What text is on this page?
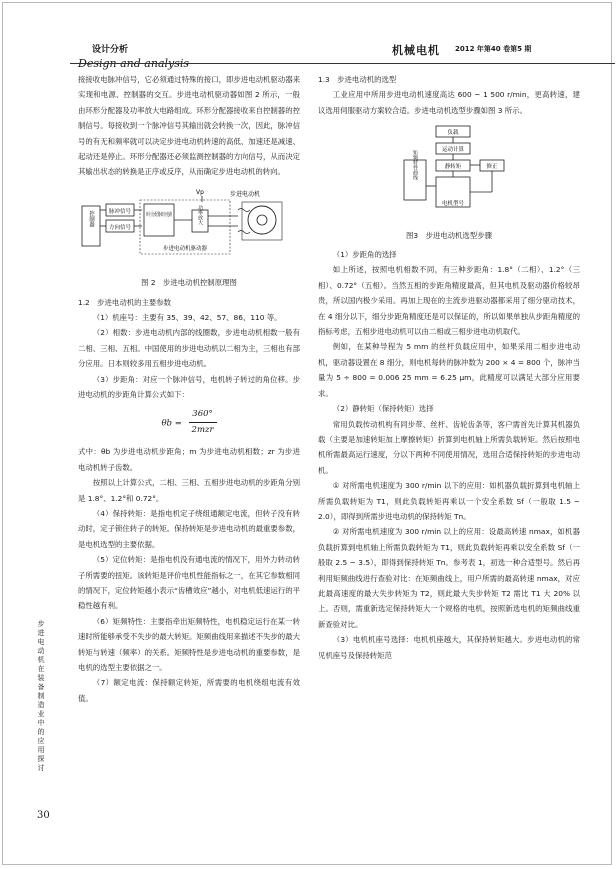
设计分析
Design and analysis
机械电机 2012 年第40 卷第5 期
步进电动机在装备制造业中的应用探讨
30

接接收电脉冲信号，它必须通过特殊的接口，即步进电动机驱动器来实现和电源、控制器的交互。步进电动机驱动器如图 2 所示，一般由环形分配器及功率放大电路组成。环形分配器接收来自控制器的控制信号。每接收到一个脉冲信号其输出就会转换一次，因此，脉冲信号的有无和频率就可以决定步进电动机转速的高低、加速还是减速、起动还是停止。环形分配器还必须监测控制器的方向信号，从而决定其输出状态的转换是正序或反序，从而确定步进电动机的转向。

Vp	步进电动机
控制器	脉冲信号
方向信号
环行分配器细分电路 功率放大
步进电动机驱动器
图 2　步进电动机控制原理图

1.2　步进电动机的主要参数

（1）机座号：主要有 35、39、42、57、86、110 等。

（2）相数：步进电动机内部的线圈数，步进电动机相数一般有二相、三相、五相。中国使用的步进电动机以二相为主，三相也有部分应用。日本则较多用五相步进电动机。

（3）步距角：对应一个脉冲信号，电机转子转过的角位移。步进电动机的步距角计算公式如下：

$\theta b = \frac{360^\circ}{\text{2mzr}}$

式中：θb 为步进电动机步距角；m 为步进电动机相数；zr 为步进电动机转子齿数。

按照以上计算公式，二相、三相、五相步进电动机的步距角分别是 1.8°、1.2°和 0.72°。

（4）保持转矩：是指电机定子绕组通额定电流，但转子没有转动时，定子锁住转子的转矩。保持转矩是步进电动机的最重要参数，是电机选型的主要依据。

（5）定位转矩：是指电机没有通电流的情况下，用外力转动转子所需要的扭矩。该转矩是评价电机性能指标之一，在其它参数相同的情况下，定位转矩越小表示“齿槽效应”越小，对电机低速运行的平稳性越有利。

（6）矩频特性：主要指牵出矩频特性，电机稳定运行在某一转速时所能够承受不失步的最大转矩。矩频曲线用来描述不失步的最大转矩与转速（频率）的关系。矩频特性是步进电动机的重要参数，是电机的选型主要依据之一。

（7）额定电流：保持额定转矩，所需要的电机绕组电流有效值。

1.3　步进电动机的选型

工业应用中所用步进电动机速度高达 600 ~ 1 500 r/min，更高转速，建议选用伺服驱动方案较合适。步进电动机选型步骤如图 3 所示。

负载
运动计算
静转矩	修正
矩频特性曲线
电机型号
图3　步进电动机选型步骤

（1）步距角的选择

如上所述，按照电机相数不同，有三种步距角：1.8°（二相）、1.2°（三相）、0.72°（五相）。当然五相的步距角精度最高，但其电机及驱动器价格较昂贵，所以国内极少采用。再加上现在的主流步进驱动器都采用了细分驱动技术，在 4 细分以下，细分步距角精度还是可以保证的，所以如果单独从步距角精度的指标考虑，五相步进电动机可以由二相或三相步进电动机取代。

例如，在某种导程为 5 mm 的丝杆负载应用中，如果采用二相步进电动机，驱动器设置在 8 细分，则电机每转的脉冲数为 200 × 4 = 800 个，脉冲当量为 5 ÷ 800 = 0.006 25 mm = 6.25 μm，此精度可以满足大部分应用要求。

（2）静转矩（保持转矩）选择

常用负载传动机构有同步带、丝杆、齿轮齿条等，客户需首先计算其机器负载（主要是加速转矩加上摩擦转矩）折算到电机轴上所需负载转矩。然后按照电机所需最高运行速度，分以下两种不同使用情况，选用合适保持转矩的步进电动机。

① 对所需电机速度为 300 r/min 以下的应用：如机器负载折算到电机轴上所需负载转矩为 T1，则此负载转矩再乘以一个安全系数 Sf（一般取 1.5 ~ 2.0），即得到所需步进电动机的保持转矩 Tn。

② 对所需电机速度为 300 r/min 以上的应用：设最高转速 nmax，如机器负载折算到电机轴上所需负载转矩为 T1，则此负载转矩再乘以安全系数 Sf（一般取 2.5 ~ 3.5），即得到保持转矩 Tn。参考表 1，初选一种合适型号。然后再利用矩频曲线进行查验对比：在矩频曲线上，用户所需的最高转速 nmax，对应此最高速度的最大失步转矩为 T2，则此最大失步转矩 T2 需比 T1 大 20% 以上。否则，需重新选定保持转矩大一个规格的电机，按照新选电机的矩频曲线重新查验对比。

（3）电机机座号选择：电机机座越大，其保持转矩越大。步进电动机的常见机座号及保持转矩范
